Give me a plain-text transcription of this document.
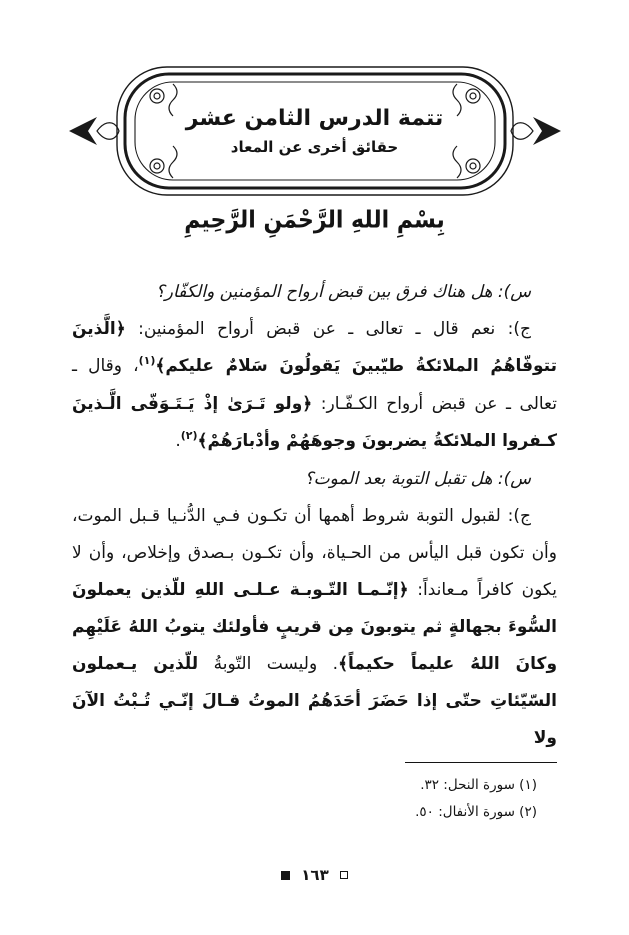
تتمة الدرس الثامن عشر
حقائق أخرى عن المعاد
بِسْمِ اللهِ الرَّحْمَنِ الرَّحِيمِ

س): هل هناك فرق بين قبض أرواح المؤمنين والكفّار؟

ج): نعم قال ـ تعالى ـ عن قبض أرواح المؤمنين: ﴿الَّذينَ تتوفّاهُمُ الملائكةُ طيّبينَ يَقولُونَ سَلامٌ عليكم﴾$^{(١)}$، وقال ـ تعالى ـ عن قبض أرواح الكـفّـار: ﴿ولو تَـرَىٰ إذْ يَـتَـوَفّى الَّـذينَ كـفروا الملائكةُ يضربونَ وجوهَهُمْ وأدْبارَهُمْ﴾$^{(٢)}$.

س): هل تقبل التوبة بعد الموت؟

ج): لقبول التوبة شروط أهمها أن تكـون فـي الدُّنـيا قـبل الموت، وأن تكون قبل اليأس من الحـياة، وأن تكـون بـصدق وإخلاص، وأن لا يكون كافراً مـعانداً: ﴿إنّـمـا التّـوبـة عـلـى اللهِ للّذين يعملونَ السُّوءَ بجهالةٍ ثم يتوبونَ مِن قريبٍ فأولئك يتوبُ اللهُ عَلَيْهِم وكانَ اللهُ عليماً حكيماً﴾. وليست التّوبةُ للّذين يـعملون السّيّئاتِ حتّى إذا حَضَرَ أحَدَهُمُ الموتُ قـالَ إنّـي تُـبْتُ الآنَ ولا

(١) سورة النحل: ٣٢.
(٢) سورة الأنفال: ٥٠.
١٦٣
